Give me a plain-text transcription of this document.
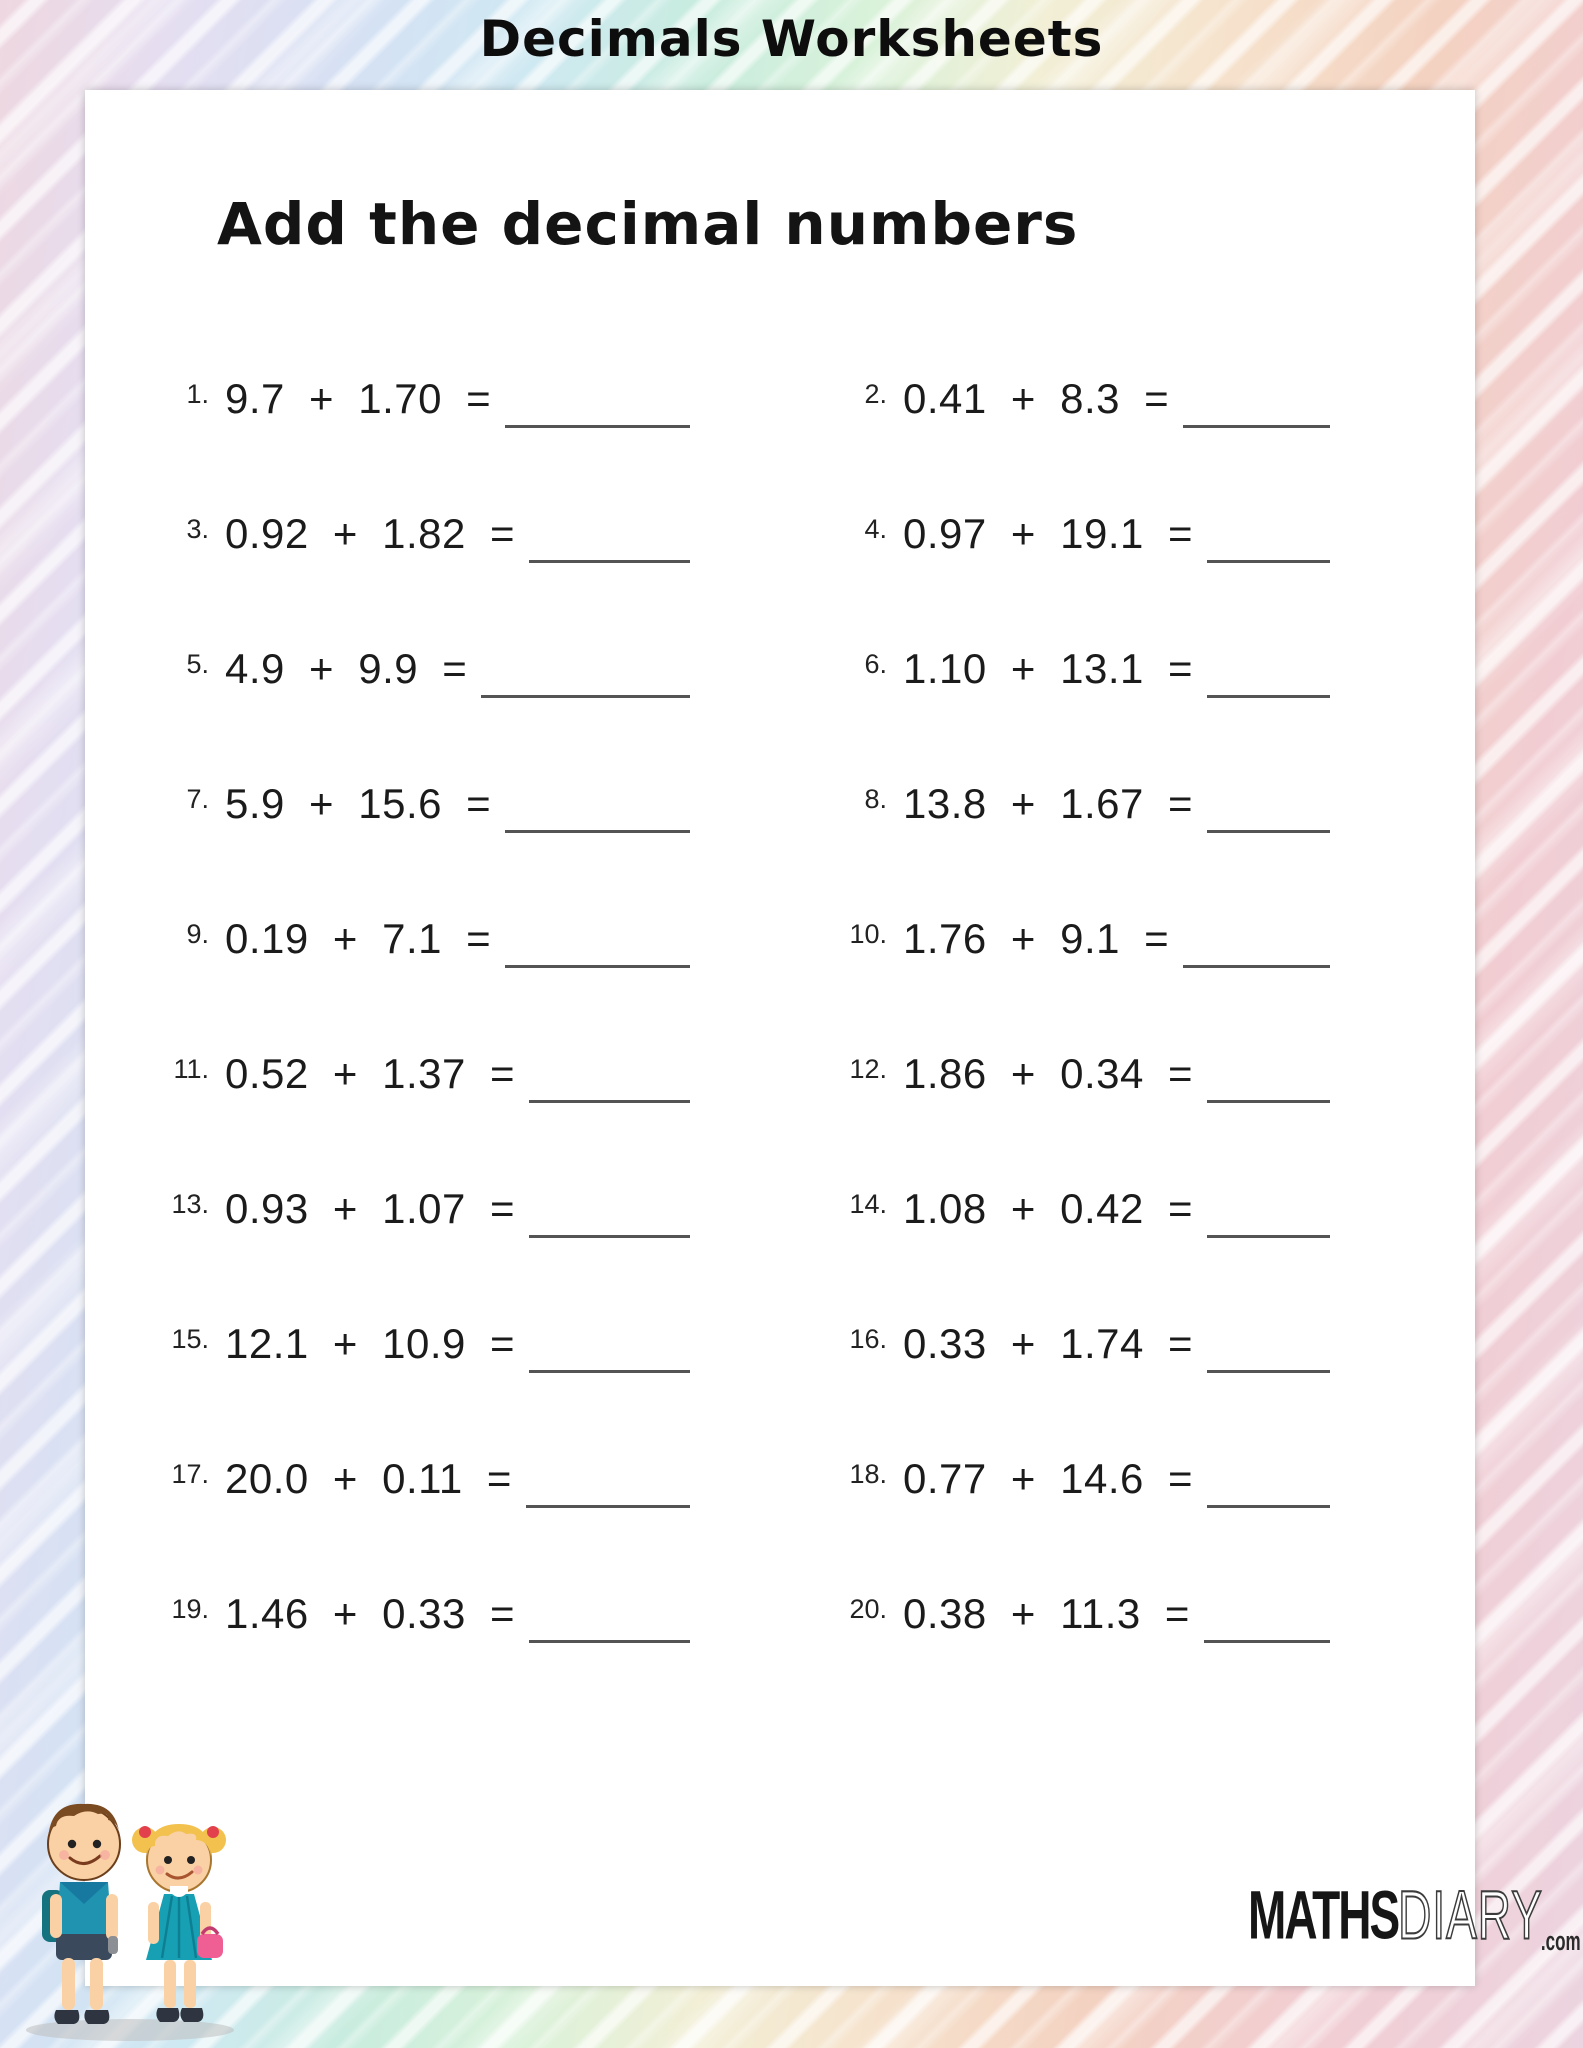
Decimals Worksheets
Add the decimal numbers
1. 9.7 + 1.70 =	2. 0.41 + 8.3 =
3. 0.92 + 1.82 =	4. 0.97 + 19.1 =
5. 4.9 + 9.9 =	6. 1.10 + 13.1 =
7. 5.9 + 15.6 =	8. 13.8 + 1.67 =
9. 0.19 + 7.1 =	10. 1.76 + 9.1 =
11. 0.52 + 1.37 =	12. 1.86 + 0.34 =
13. 0.93 + 1.07 =	14. 1.08 + 0.42 =
15. 12.1 + 10.9 =	16. 0.33 + 1.74 =
17. 20.0 + 0.11 =	18. 0.77 + 14.6 =
19. 1.46 + 0.33 =	20. 0.38 + 11.3 =
MATHSDIARY.com
